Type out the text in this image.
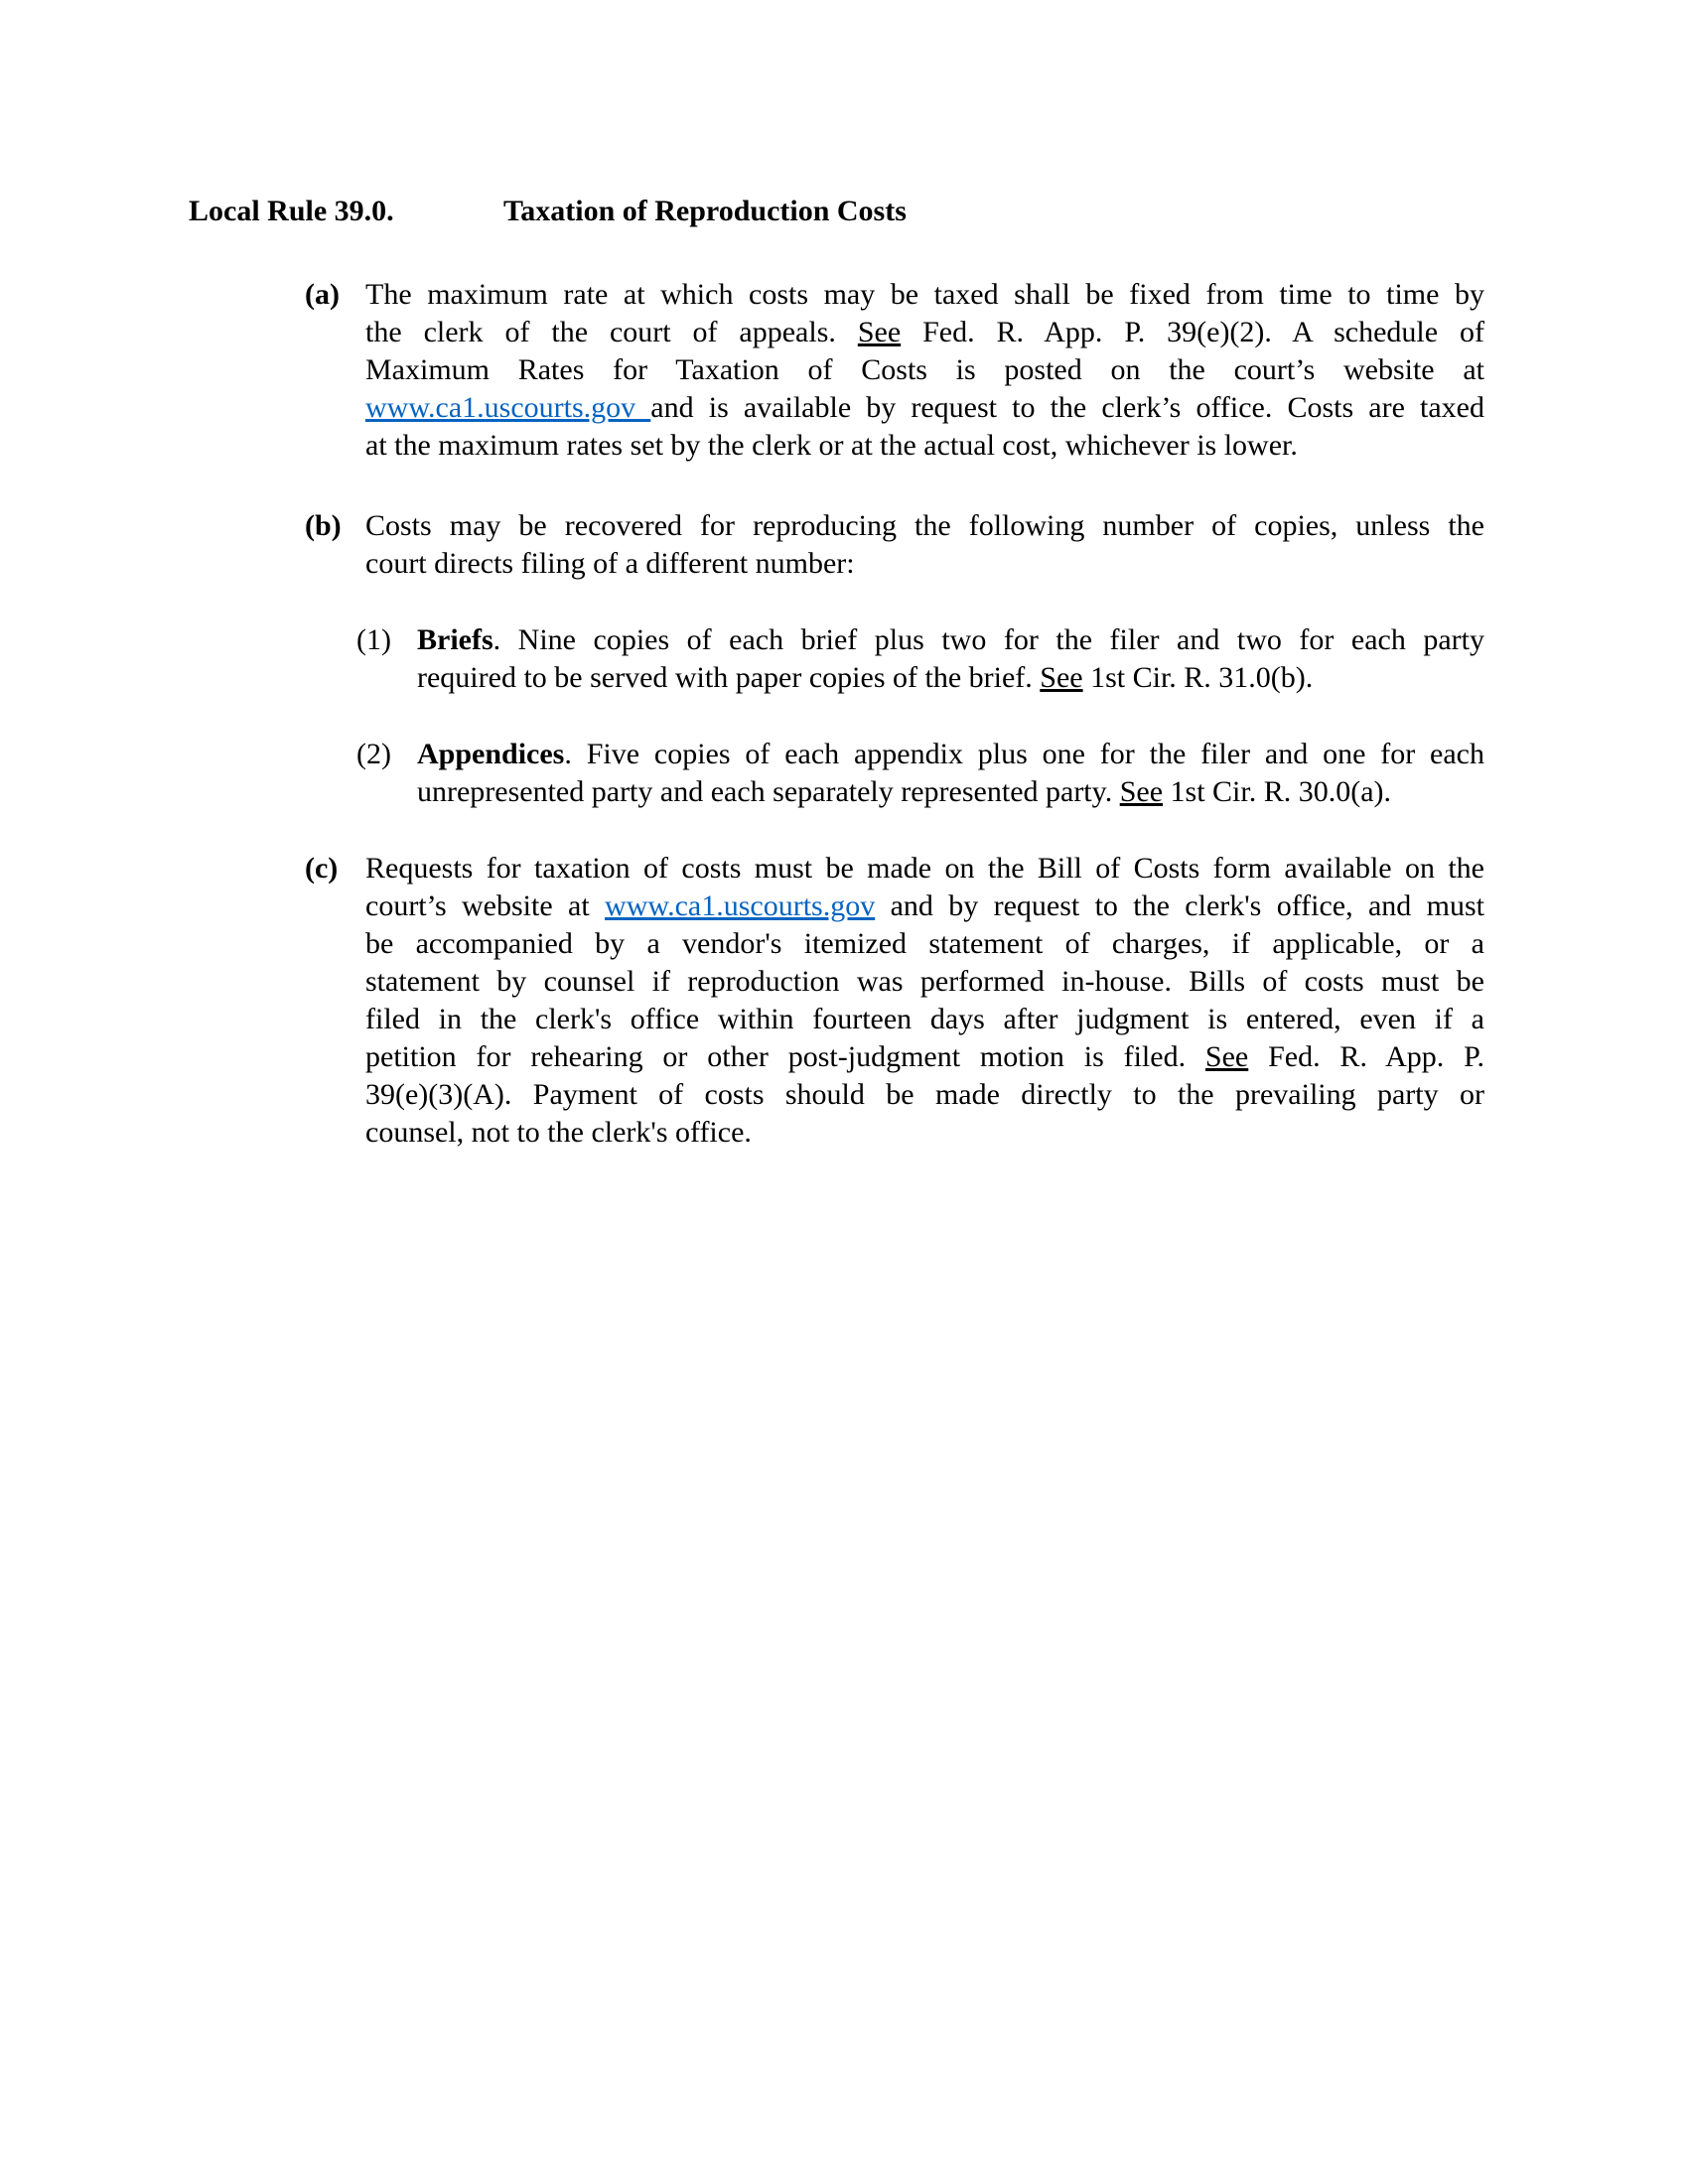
Local Rule 39.0.	Taxation of Reproduction Costs
(a) The maximum rate at which costs may be taxed shall be fixed from time to time by
the clerk of the court of appeals. See Fed. R. App. P. 39(e)(2). A schedule of
Maximum Rates for Taxation of Costs is posted on the court’s website at
www.ca1.uscourts.gov and is available by request to the clerk’s office. Costs are taxed
at the maximum rates set by the clerk or at the actual cost, whichever is lower.
(b) Costs may be recovered for reproducing the following number of copies, unless the
court directs filing of a different number:
(1) Briefs. Nine copies of each brief plus two for the filer and two for each party
required to be served with paper copies of the brief. See 1st Cir. R. 31.0(b).
(2) Appendices. Five copies of each appendix plus one for the filer and one for each
unrepresented party and each separately represented party. See 1st Cir. R. 30.0(a).
(c) Requests for taxation of costs must be made on the Bill of Costs form available on the
court’s website at www.ca1.uscourts.gov and by request to the clerk's office, and must
be accompanied by a vendor's itemized statement of charges, if applicable, or a
statement by counsel if reproduction was performed in-house. Bills of costs must be
filed in the clerk's office within fourteen days after judgment is entered, even if a
petition for rehearing or other post-judgment motion is filed. See Fed. R. App. P.
39(e)(3)(A). Payment of costs should be made directly to the prevailing party or
counsel, not to the clerk's office.
